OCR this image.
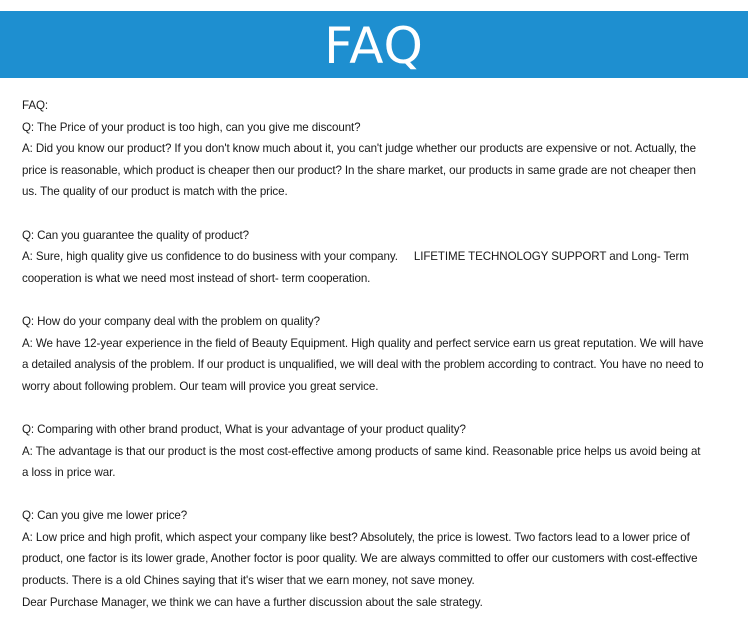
FAQ

FAQ:

Q: The Price of your product is too high, can you give me discount?

A: Did you know our product? If you don't know much about it, you can't judge whether our products are expensive or not. Actually, the

price is reasonable, which product is cheaper then our product? In the share market, our products in same grade are not cheaper then

us. The quality of our product is match with the price.

Q: Can you guarantee the quality of product?

A: Sure, high quality give us confidence to do business with your company. LIFETIME TECHNOLOGY SUPPORT and Long- Term

cooperation is what we need most instead of short- term cooperation.

Q: How do your company deal with the problem on quality?

A: We have 12-year experience in the field of Beauty Equipment. High quality and perfect service earn us great reputation. We will have

a detailed analysis of the problem. If our product is unqualified, we will deal with the problem according to contract. You have no need to

worry about following problem. Our team will provice you great service.

Q: Comparing with other brand product, What is your advantage of your product quality?

A: The advantage is that our product is the most cost-effective among products of same kind. Reasonable price helps us avoid being at

a loss in price war.

Q: Can you give me lower price?

A: Low price and high profit, which aspect your company like best? Absolutely, the price is lowest. Two factors lead to a lower price of

product, one factor is its lower grade, Another foctor is poor quality. We are always committed to offer our customers with cost-effective

products. There is a old Chines saying that it's wiser that we earn money, not save money.

Dear Purchase Manager, we think we can have a further discussion about the sale strategy.
